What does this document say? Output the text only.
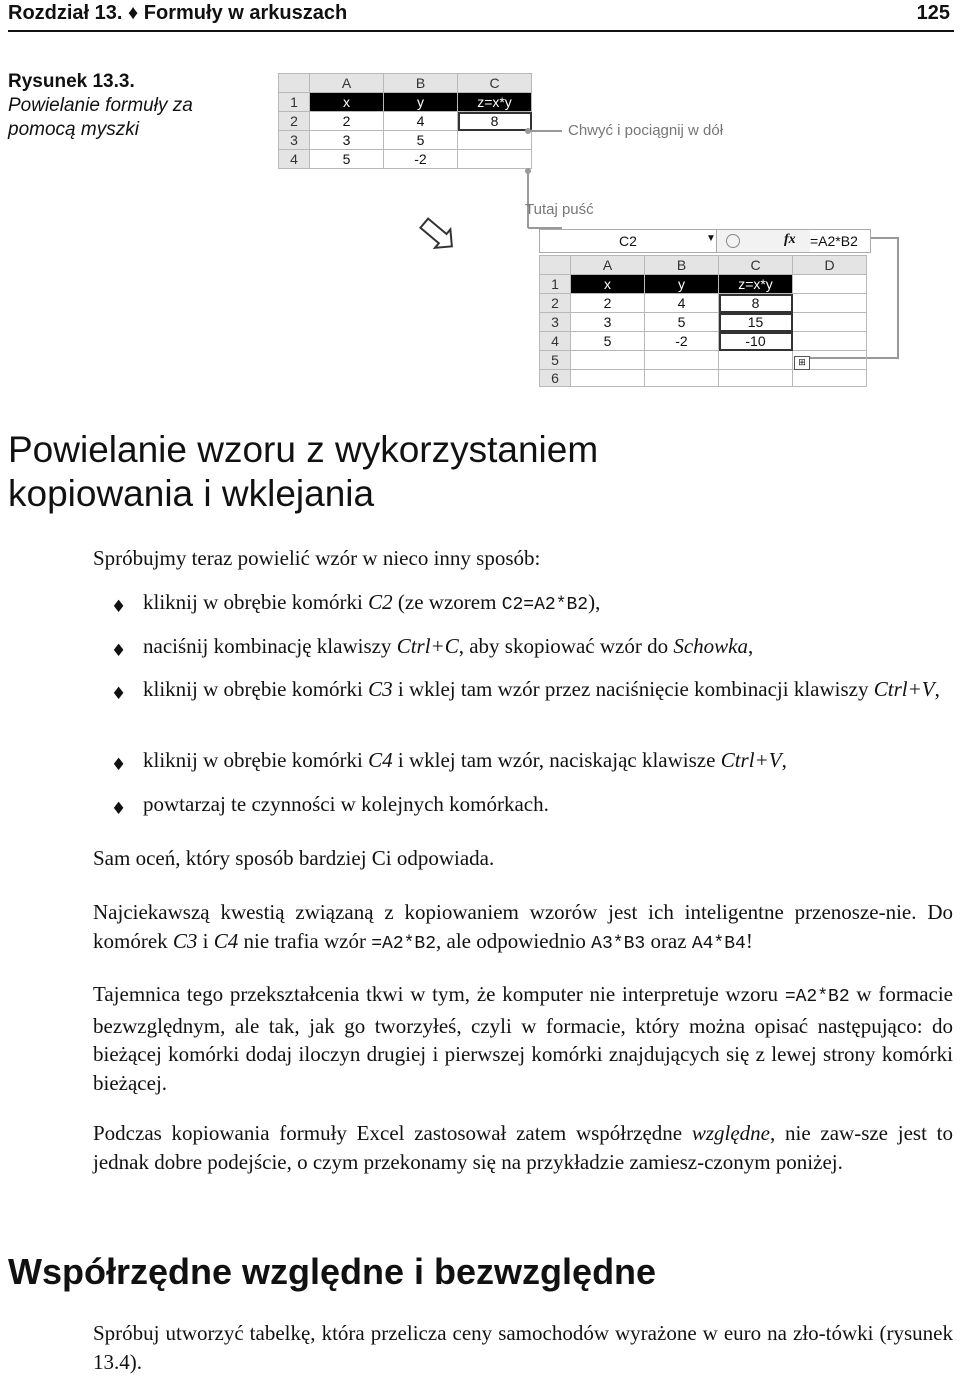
Rozdział 13. ♦ Formuły w arkuszach	125
Rysunek 13.3.
Powielanie formuły za pomocą myszki
	A	B	C
1	x	y	z=x*y
2	2	4	8
3	3	5	
4	5	-2	
Chwyć i pociągnij w dół
Tutaj puść
C2	▼	fx =A2*B2
	A	B	C	D
1	x	y	z=x*y	
2	2	4	8	
3	3	5	15	
4	5	-2	-10	
5				
6				
⊞
Powielanie wzoru z wykorzystaniem
kopiowania i wklejania
Spróbujmy teraz powielić wzór w nieco inny sposób:
♦ kliknij w obrębie komórki C2 (ze wzorem C2=A2*B2),
♦ naciśnij kombinację klawiszy Ctrl+C, aby skopiować wzór do Schowka,
♦ kliknij w obrębie komórki C3 i wklej tam wzór przez naciśnięcie kombinacji klawiszy Ctrl+V,
♦ kliknij w obrębie komórki C4 i wklej tam wzór, naciskając klawisze Ctrl+V,
♦ powtarzaj te czynności w kolejnych komórkach.
Sam oceń, który sposób bardziej Ci odpowiada.
Najciekawszą kwestią związaną z kopiowaniem wzorów jest ich inteligentne przenosze-nie. Do komórek C3 i C4 nie trafia wzór =A2*B2, ale odpowiednio A3*B3 oraz A4*B4!
Tajemnica tego przekształcenia tkwi w tym, że komputer nie interpretuje wzoru =A2*B2 w formacie bezwzględnym, ale tak, jak go tworzyłeś, czyli w formacie, który można opisać następująco: do bieżącej komórki dodaj iloczyn drugiej i pierwszej komórki znajdujących się z lewej strony komórki bieżącej.
Podczas kopiowania formuły Excel zastosował zatem współrzędne względne, nie zaw-sze jest to jednak dobre podejście, o czym przekonamy się na przykładzie zamiesz-czonym poniżej.
Współrzędne względne i bezwzględne
Spróbuj utworzyć tabelkę, która przelicza ceny samochodów wyrażone w euro na zło-tówki (rysunek 13.4).
